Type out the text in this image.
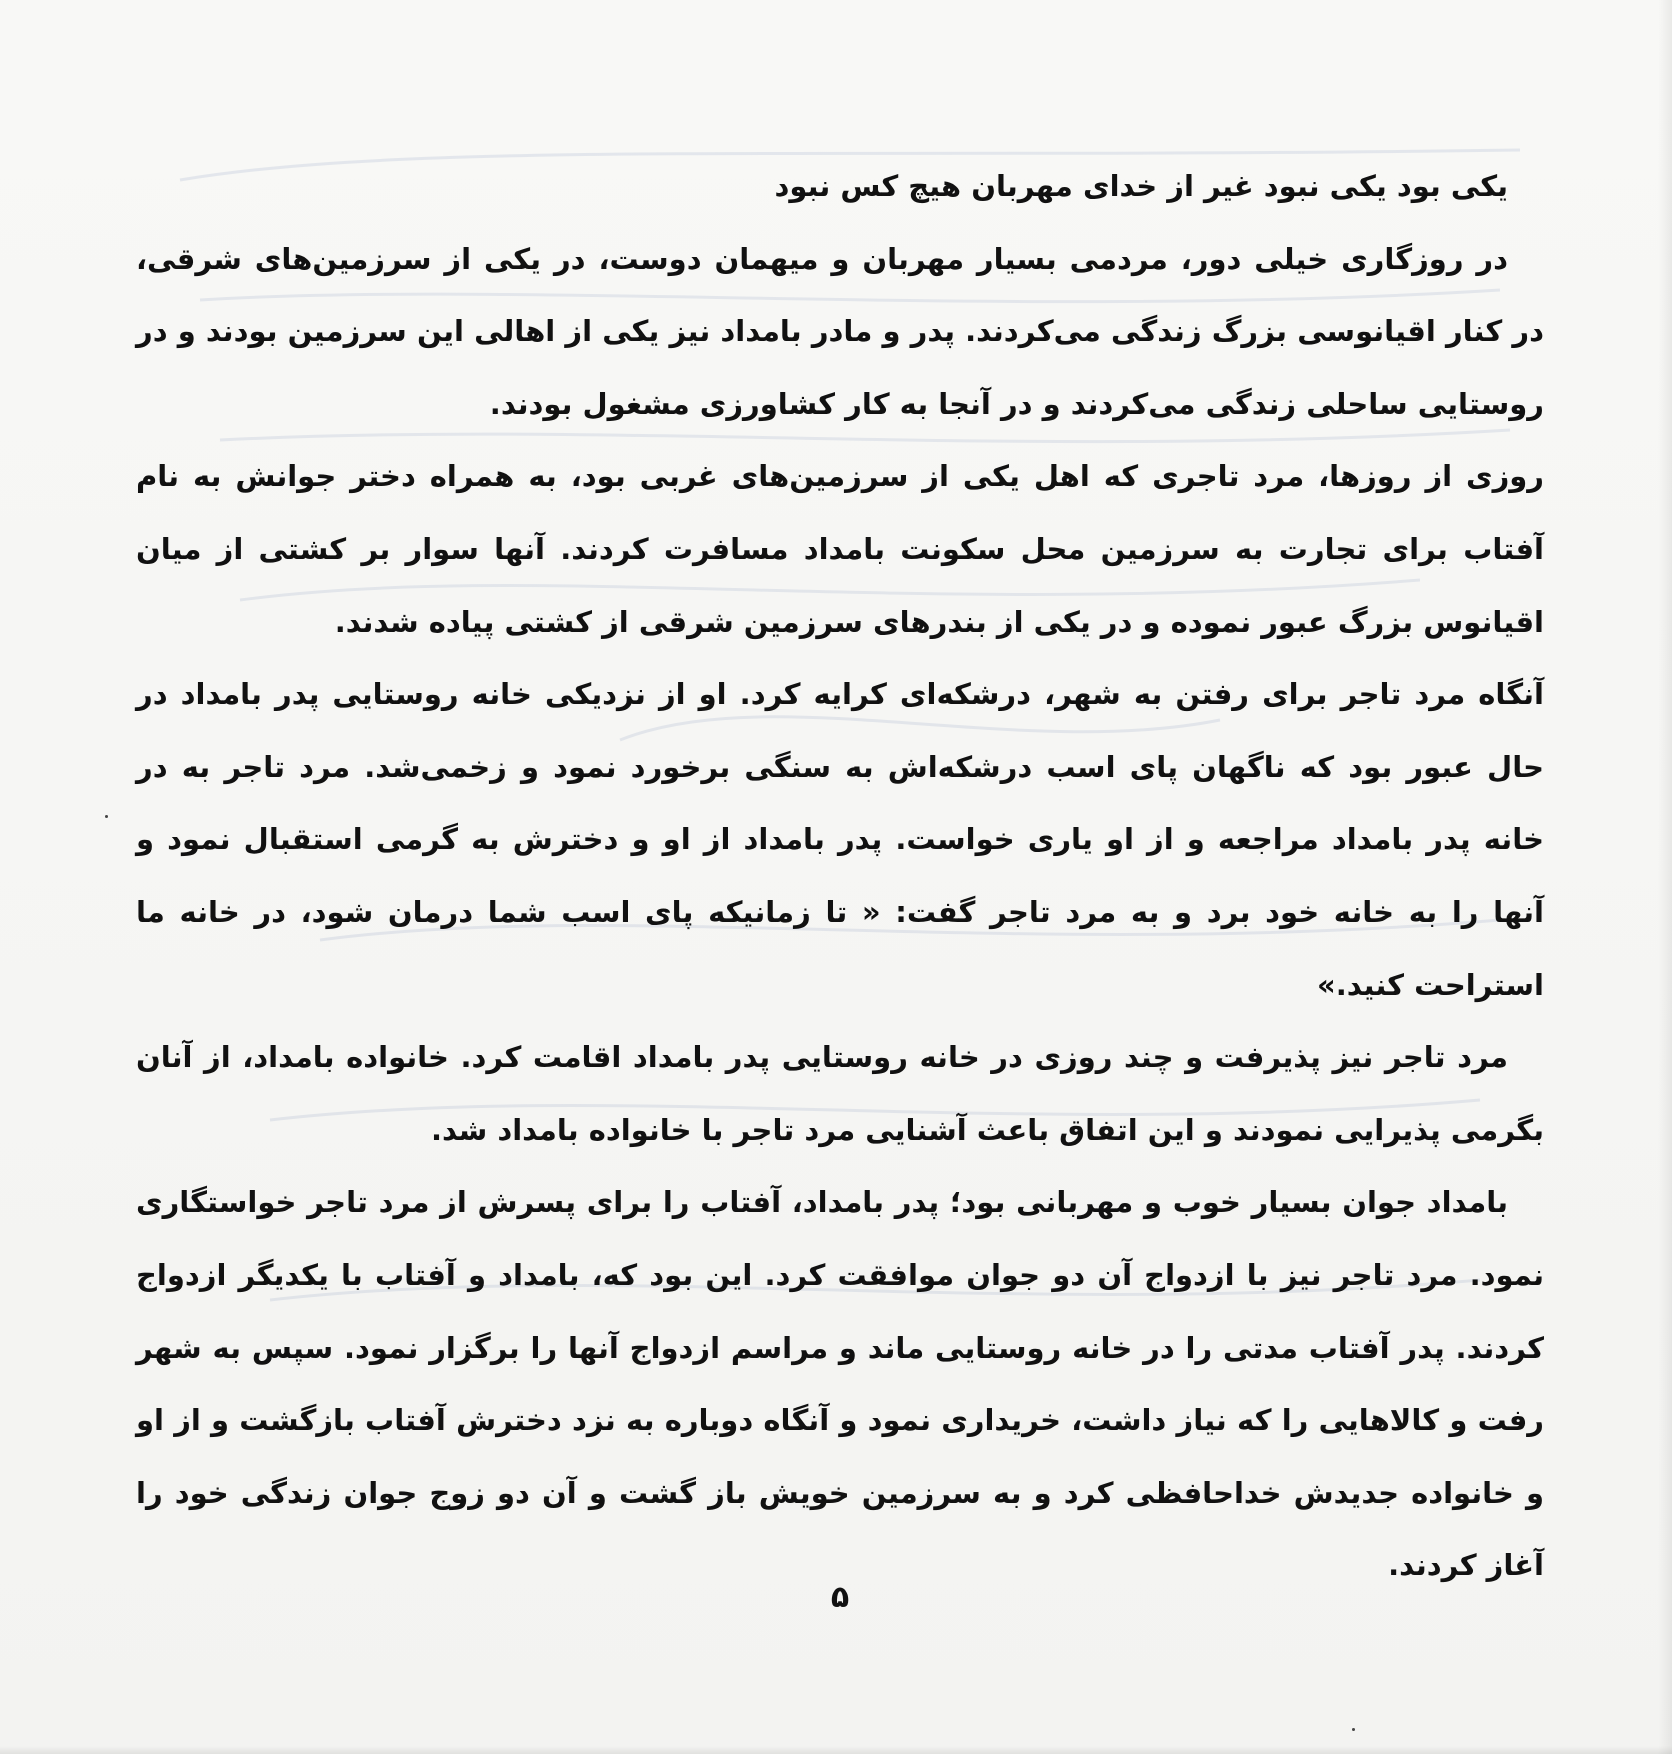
یکی بود یکی نبود غیر از خدای مهربان هیچ کس نبود

در روزگاری خیلی دور، مردمی بسیار مهربان و میهمان دوست، در یکی از سرزمین‌های شرقی، در کنار اقیانوسی بزرگ زندگی می‌کردند. پدر و مادر بامداد نیز یکی از اهالی این سرزمین بودند و در روستایی ساحلی زندگی می‌کردند و در آنجا به کار کشاورزی مشغول بودند.

روزی از روزها، مرد تاجری که اهل یکی از سرزمین‌های غربی بود، به همراه دختر جوانش به نام آفتاب برای تجارت به سرزمین محل سکونت بامداد مسافرت کردند. آنها سوار بر کشتی از میان اقیانوس بزرگ عبور نموده و در یکی از بندرهای سرزمین شرقی از کشتی پیاده شدند.

آنگاه مرد تاجر برای رفتن به شهر، درشکه‌ای کرایه کرد. او از نزدیکی خانه روستایی پدر بامداد در حال عبور بود که ناگهان پای اسب درشکه‌اش به سنگی برخورد نمود و زخمی‌شد. مرد تاجر به در خانه پدر بامداد مراجعه و از او یاری خواست. پدر بامداد از او و دخترش به گرمی استقبال نمود و آنها را به خانه خود برد و به مرد تاجر گفت: « تا زمانیکه پای اسب شما درمان شود، در خانه ما استراحت کنید.»

مرد تاجر نیز پذیرفت و چند روزی در خانه روستایی پدر بامداد اقامت کرد. خانواده بامداد، از آنان بگرمی پذیرایی نمودند و این اتفاق باعث آشنایی مرد تاجر با خانواده بامداد شد.

بامداد جوان بسیار خوب و مهربانی بود؛ پدر بامداد، آفتاب را برای پسرش از مرد تاجر خواستگاری نمود. مرد تاجر نیز با ازدواج آن دو جوان موافقت کرد. این بود که، بامداد و آفتاب با یکدیگر ازدواج کردند. پدر آفتاب مدتی را در خانه روستایی ماند و مراسم ازدواج آنها را برگزار نمود. سپس به شهر رفت و کالاهایی را که نیاز داشت، خریداری نمود و آنگاه دوباره به نزد دخترش آفتاب بازگشت و از او و خانواده جدیدش خداحافظی کرد و به سرزمین خویش باز گشت و آن دو زوج جوان زندگی خود را آغاز کردند.

۵
